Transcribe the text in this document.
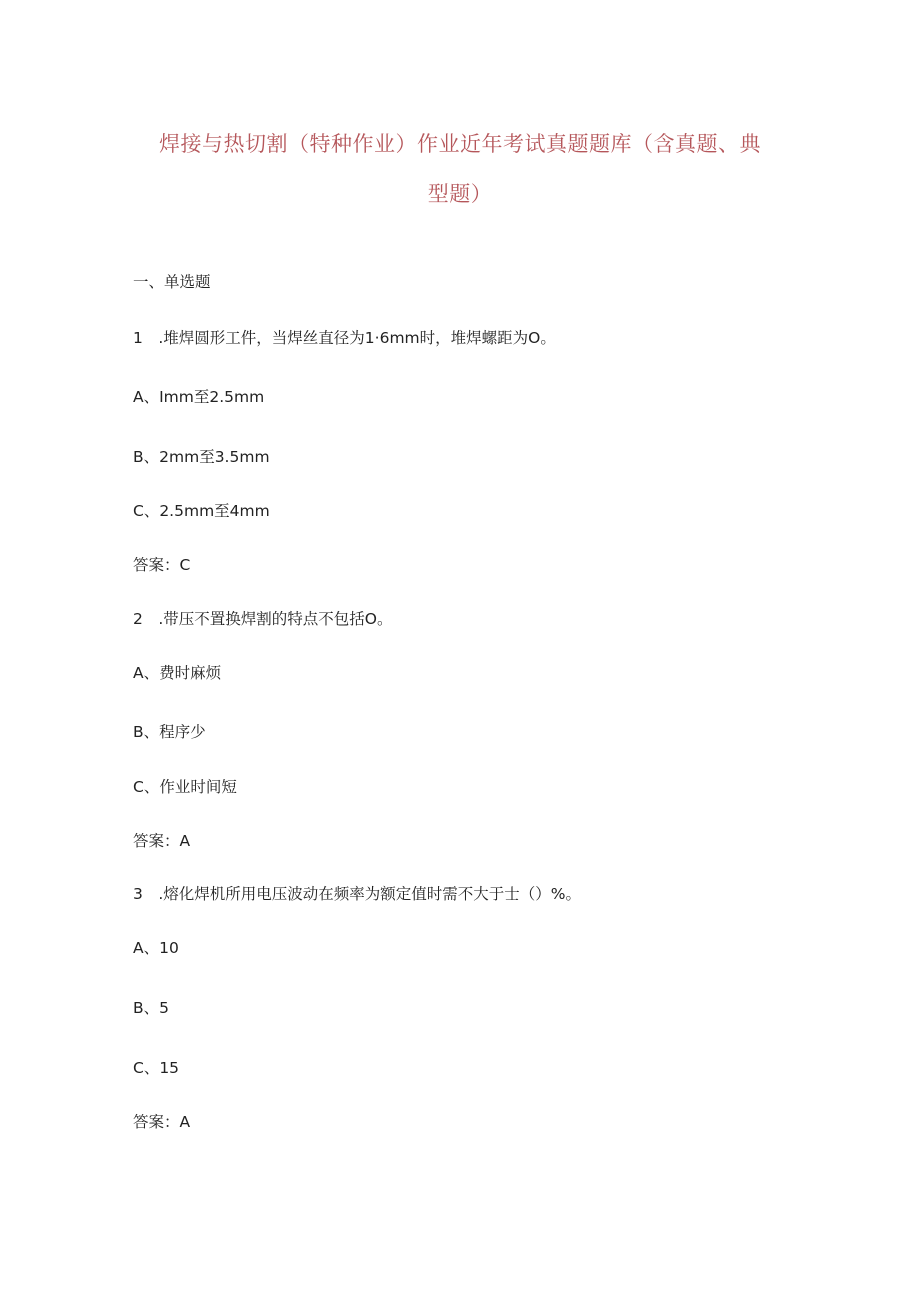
焊接与热切割（特种作业）作业近年考试真题题库（含真题、典
型题）
一、单选题
1　.堆焊圆形工件，当焊丝直径为1·6mm时，堆焊螺距为O。
A、Imm至2.5mm
B、2mm至3.5mm
C、2.5mm至4mm
答案：C
2　.带压不置换焊割的特点不包括O。
A、费时麻烦
B、程序少
C、作业时间短
答案：A
3　.熔化焊机所用电压波动在频率为额定值时需不大于士（）%。
A、10
B、5
C、15
答案：A
